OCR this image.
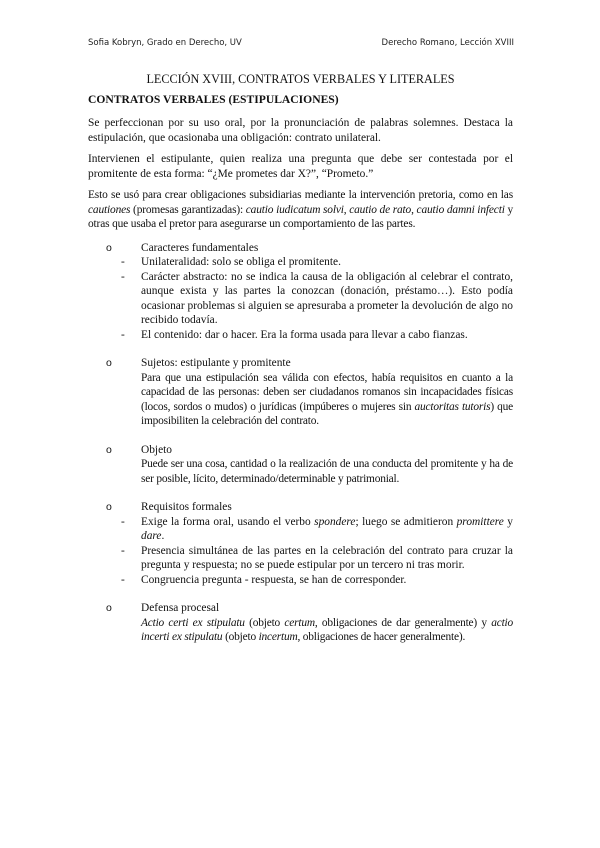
Sofia Kobryn, Grado en Derecho, UV	Derecho Romano, Lección XVIII

LECCIÓN XVIII, CONTRATOS VERBALES Y LITERALES

CONTRATOS VERBALES (ESTIPULACIONES)

Se perfeccionan por su uso oral, por la pronunciación de palabras solemnes. Destaca la estipulación, que ocasionaba una obligación: contrato unilateral.

Intervienen el estipulante, quien realiza una pregunta que debe ser contestada por el promitente de esta forma: “¿Me prometes dar X?”, “Prometo.”

Esto se usó para crear obligaciones subsidiarias mediante la intervención pretoria, como en las cautiones (promesas garantizadas): cautio iudicatum solvi, cautio de rato, cautio damni infecti y otras que usaba el pretor para asegurarse un comportamiento de las partes.

o	Caracteres fundamentales

- Unilateralidad: solo se obliga el promitente.
- Carácter abstracto: no se indica la causa de la obligación al celebrar el contrato, aunque exista y las partes la conozcan (donación, préstamo…). Esto podía ocasionar problemas si alguien se apresuraba a prometer la devolución de algo no recibido todavía.
- El contenido: dar o hacer. Era la forma usada para llevar a cabo fianzas.
o	Sujetos: estipulante y promitente

Para que una estipulación sea válida con efectos, había requisitos en cuanto a la capacidad de las personas: deben ser ciudadanos romanos sin incapacidades físicas (locos, sordos o mudos) o jurídicas (impúberes o mujeres sin auctoritas tutoris) que imposibiliten la celebración del contrato.
o	Objeto

Puede ser una cosa, cantidad o la realización de una conducta del promitente y ha de ser posible, lícito, determinado/determinable y patrimonial.
o	Requisitos formales

- Exige la forma oral, usando el verbo spondere; luego se admitieron promittere y dare.
- Presencia simultánea de las partes en la celebración del contrato para cruzar la pregunta y respuesta; no se puede estipular por un tercero ni tras morir.
- Congruencia pregunta - respuesta, se han de corresponder.
o	Defensa procesal

Actio certi ex stipulatu (objeto certum, obligaciones de dar generalmente) y actio incerti ex stipulatu (objeto incertum, obligaciones de hacer generalmente).
